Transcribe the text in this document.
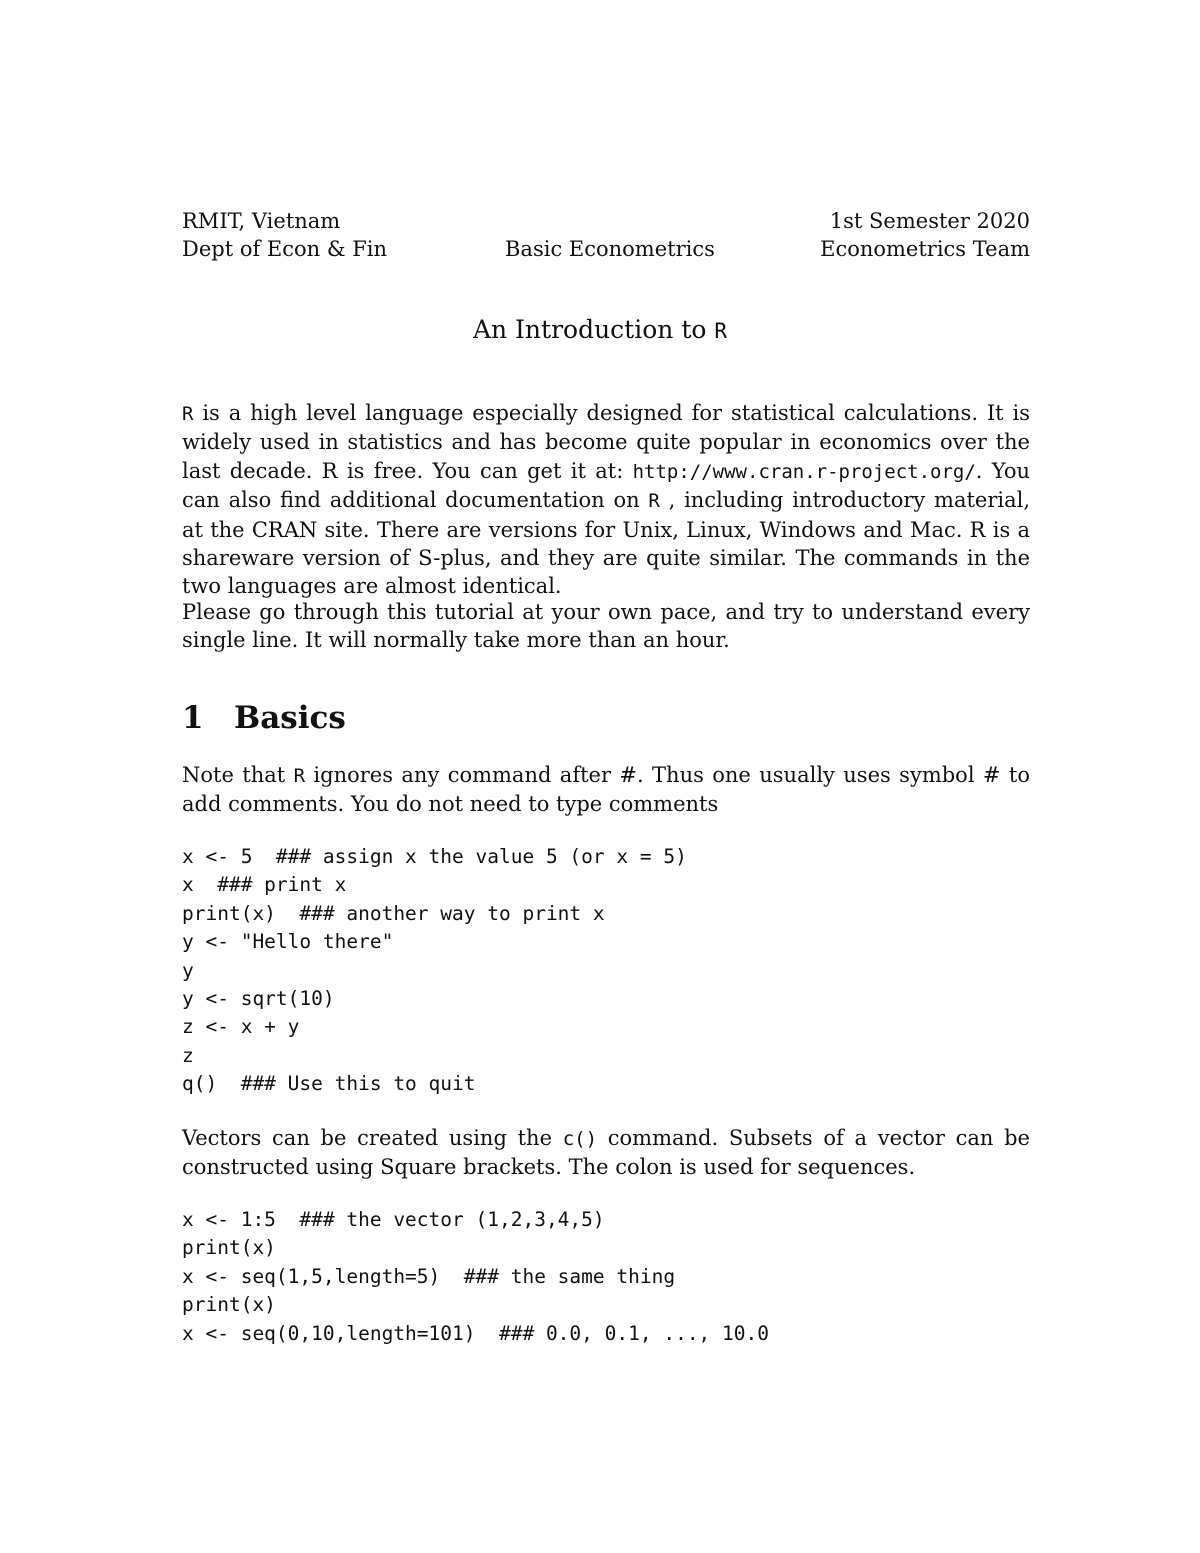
RMIT, Vietnam	1st Semester 2020
Dept of Econ & Fin	Basic Econometrics	Econometrics Team
An Introduction to R

R is a high level language especially designed for statistical calculations. It is widely used in statistics and has become quite popular in economics over the last decade. R is free. You can get it at: http://www.cran.r-project.org/. You can also find additional documentation on R , including introductory material, at the CRAN site. There are versions for Unix, Linux, Windows and Mac. R is a shareware version of S-plus, and they are quite similar. The commands in the two languages are almost identical.

Please go through this tutorial at your own pace, and try to understand every single line. It will normally take more than an hour.

1 Basics

Note that R ignores any command after #. Thus one usually uses symbol # to add comments. You do not need to type comments

x <- 5  ### assign x the value 5 (or x = 5)
x  ### print x
print(x)  ### another way to print x
y <- "Hello there"
y
y <- sqrt(10)
z <- x + y
z
q()  ### Use this to quit

Vectors can be created using the c() command. Subsets of a vector can be constructed using Square brackets. The colon is used for sequences.

x <- 1:5  ### the vector (1,2,3,4,5)
print(x)
x <- seq(1,5,length=5)  ### the same thing
print(x)
x <- seq(0,10,length=101)  ### 0.0, 0.1, ..., 10.0
